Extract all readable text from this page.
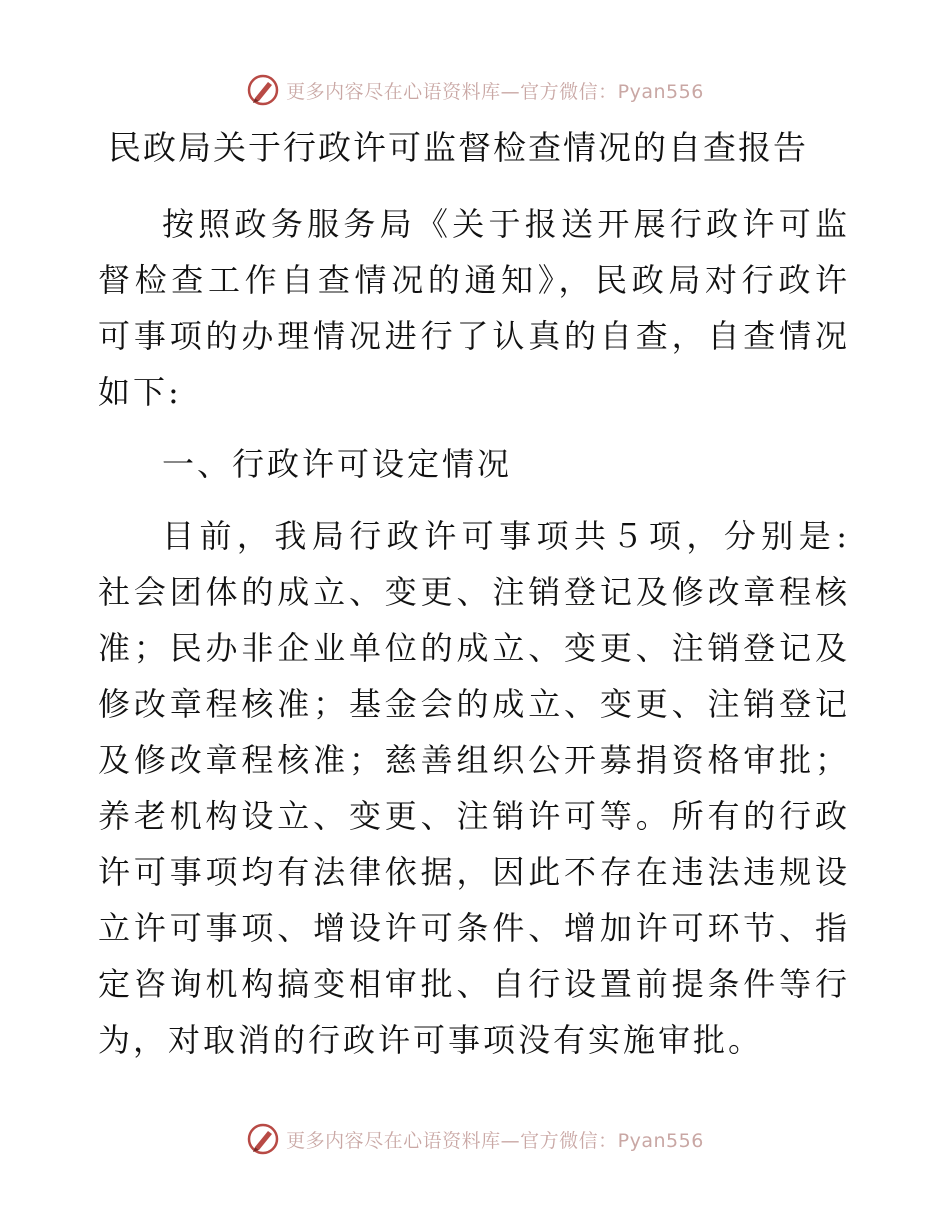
更多内容尽在心语资料库—官方微信：Pyan556
民政局关于行政许可监督检查情况的自查报告

按照政务服务局《关于报送开展行政许可监督检查工作自查情况的通知》，民政局对行政许可事项的办理情况进行了认真的自查，自查情况如下:

一、行政许可设定情况

目前，我局行政许可事项共５项，分别是: 社会团体的成立、变更、注销登记及修改章程核准；民办非企业单位的成立、变更、注销登记及修改章程核准；基金会的成立、变更、注销登记及修改章程核准；慈善组织公开募捐资格审批；养老机构设立、变更、注销许可等。所有的行政许可事项均有法律依据，因此不存在违法违规设立许可事项、增设许可条件、增加许可环节、指定咨询机构搞变相审批、自行设置前提条件等行为，对取消的行政许可事项没有实施审批。

更多内容尽在心语资料库—官方微信：Pyan556
